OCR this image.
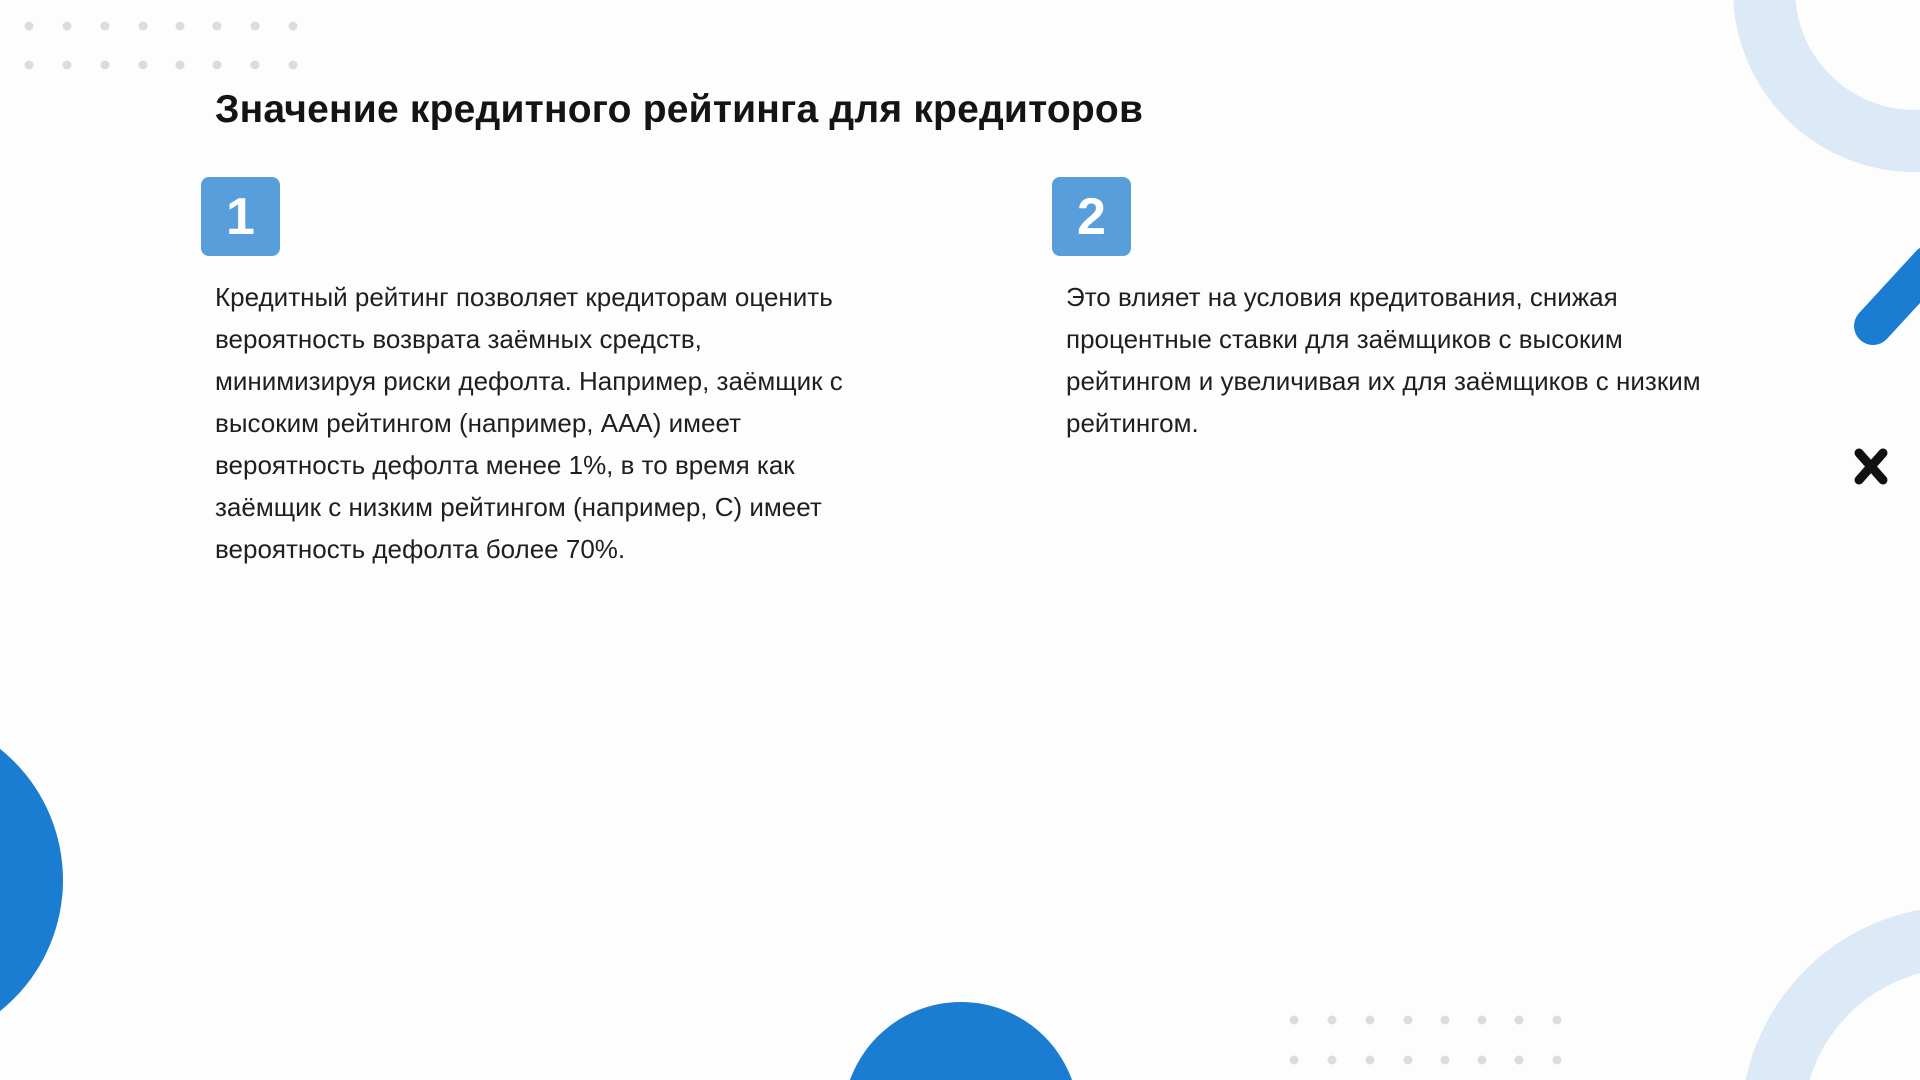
Значение кредитного рейтинга для кредиторов
1

Кредитный рейтинг позволяет кредиторам оценить вероятность возврата заёмных средств, минимизируя риски дефолта. Например, заёмщик с высоким рейтингом (например, AAA) имеет вероятность дефолта менее 1%, в то время как заёмщик с низким рейтингом (например, C) имеет вероятность дефолта более 70%.

2

Это влияет на условия кредитования, снижая процентные ставки для заёмщиков с высоким рейтингом и увеличивая их для заёмщиков с низким рейтингом.
